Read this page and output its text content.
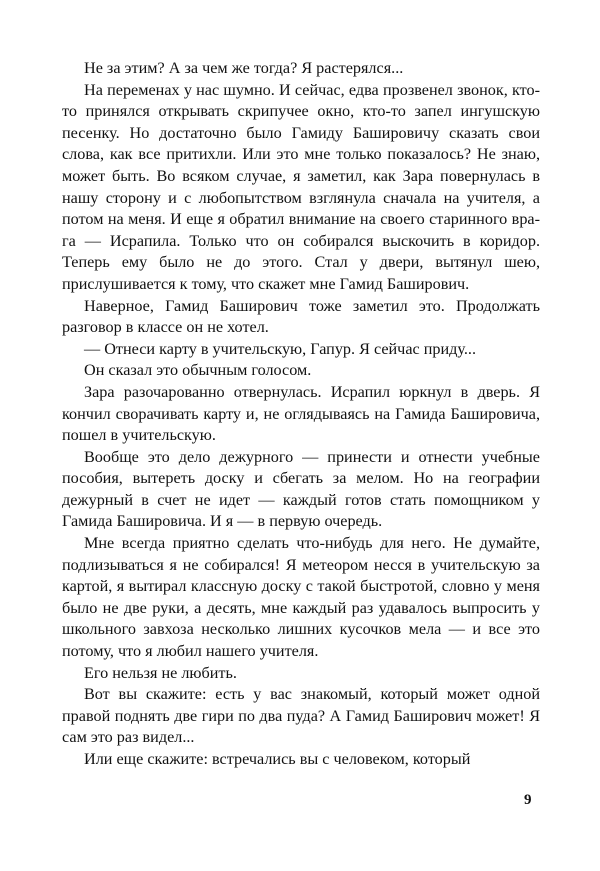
Не за этим? А за чем же тогда? Я растерялся...

На переменах у нас шумно. И сейчас, едва прозвенел звонок, кто-то принялся открывать скрипучее окно, кто-то запел ингушскую песенку. Но достаточно было Гамиду Башировичу сказать свои слова, как все притихли. Или это мне только показалось? Не знаю, может быть. Во всяком случае, я заметил, как Зара повернулась в нашу сторону и с любопытством взглянула сначала на учителя, а потом на меня. И еще я обратил внимание на своего старинного врага — Исрапила. Только что он собирался выскочить в коридор. Теперь ему было не до этого. Стал у двери, вытянул шею, прислушивается к тому, что скажет мне Гамид Баширович.

Наверное, Гамид Баширович тоже заметил это. Продолжать разговор в классе он не хотел.

— Отнеси карту в учительскую, Гапур. Я сейчас приду...

Он сказал это обычным голосом.

Зара разочарованно отвернулась. Исрапил юркнул в дверь. Я кончил сворачивать карту и, не оглядываясь на Гамида Башировича, пошел в учительскую.

Вообще это дело дежурного — принести и отнести учебные пособия, вытереть доску и сбегать за мелом. Но на географии дежурный в счет не идет — каждый готов стать помощником у Гамида Башировича. И я — в первую очередь.

Мне всегда приятно сделать что-нибудь для него. Не думайте, подлизываться я не собирался! Я метеором несся в учительскую за картой, я вытирал классную доску с такой быстротой, словно у меня было не две руки, а десять, мне каждый раз удавалось выпросить у школьного завхоза несколько лишних кусочков мела — и все это потому, что я любил нашего учителя.

Его нельзя не любить.

Вот вы скажите: есть у вас знакомый, который может одной правой поднять две гири по два пуда? А Гамид Баширович может! Я сам это раз видел...

Или еще скажите: встречались вы с человеком, который

9
